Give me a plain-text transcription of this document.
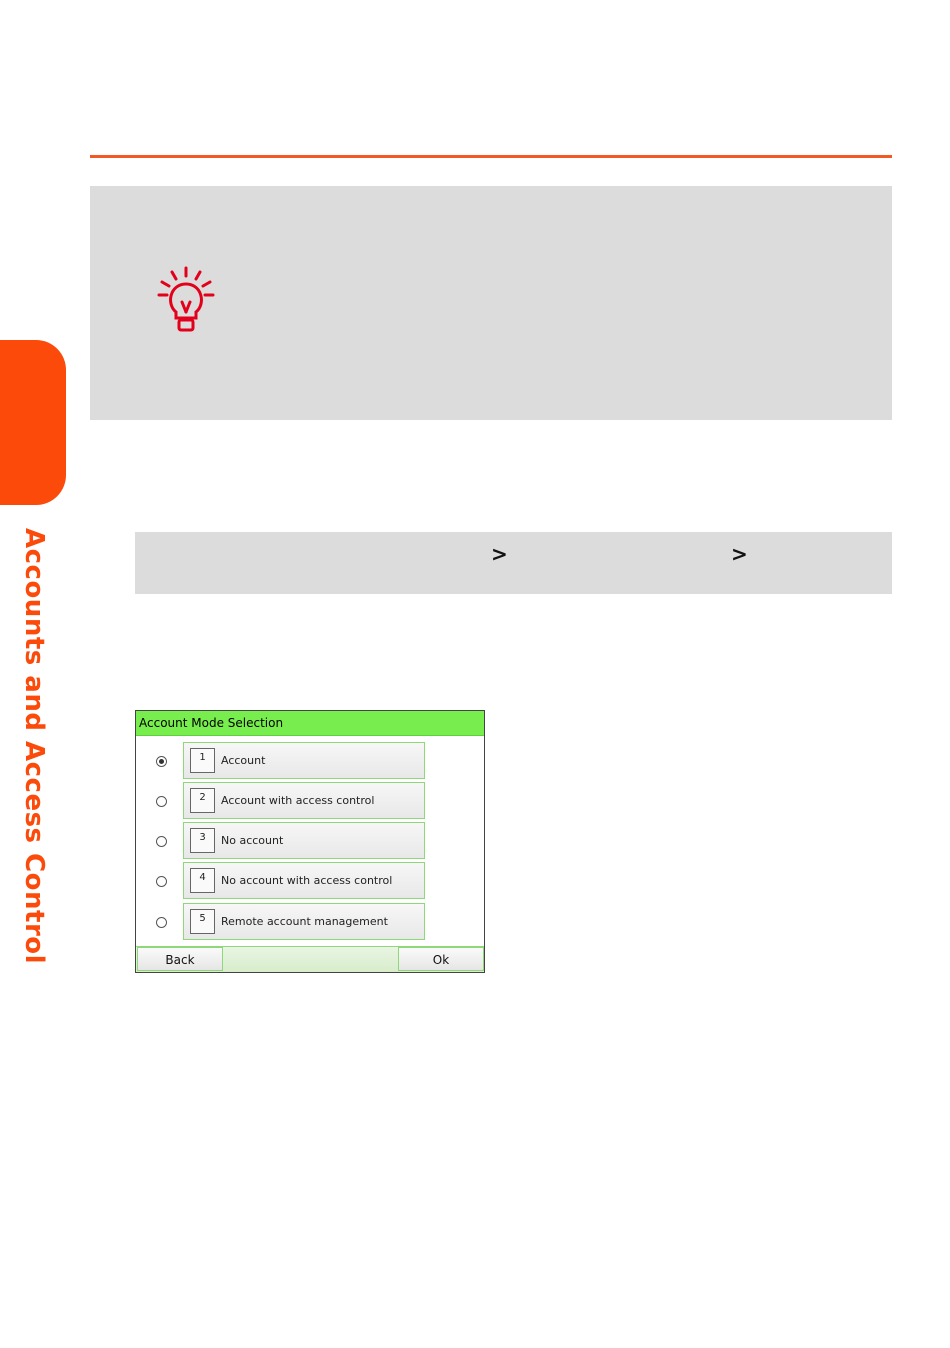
Accounts and Access Control	>	>
Account Mode Selection
1	Account
2	Account with access control
3	No account
4	No account with access control
5	Remote account management
Back	Ok
